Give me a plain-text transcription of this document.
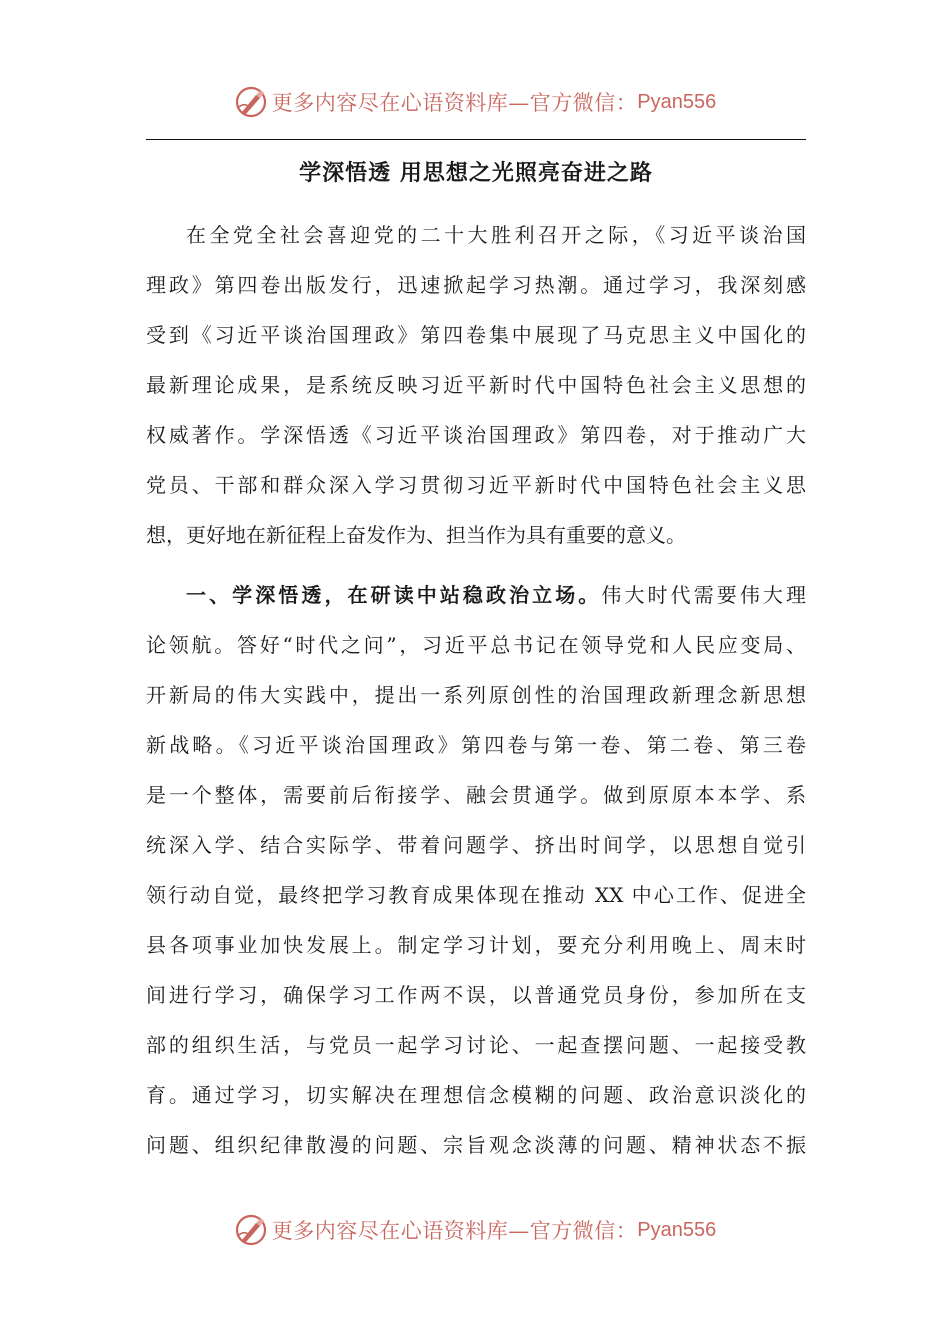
更多内容尽在心语资料库—官方微信： Pyan556
学深悟透 用思想之光照亮奋进之路
在全党全社会喜迎党的二十大胜利召开之际，《习近平谈治国
理政》第四卷出版发行，迅速掀起学习热潮。通过学习，我深刻感
受到《习近平谈治国理政》第四卷集中展现了马克思主义中国化的
最新理论成果，是系统反映习近平新时代中国特色社会主义思想的
权威著作。学深悟透《习近平谈治国理政》第四卷，对于推动广大
党员、干部和群众深入学习贯彻习近平新时代中国特色社会主义思
想，更好地在新征程上奋发作为、担当作为具有重要的意义。
一、学深悟透，在研读中站稳政治立场。伟大时代需要伟大理
论领航。答好“时代之问”，习近平总书记在领导党和人民应变局、
开新局的伟大实践中，提出一系列原创性的治国理政新理念新思想
新战略。《习近平谈治国理政》第四卷与第一卷、第二卷、第三卷
是一个整体，需要前后衔接学、融会贯通学。做到原原本本学、系
统深入学、结合实际学、带着问题学、挤出时间学，以思想自觉引
领行动自觉，最终把学习教育成果体现在推动 XX 中心工作、促进全
县各项事业加快发展上。制定学习计划，要充分利用晚上、周末时
间进行学习，确保学习工作两不误，以普通党员身份，参加所在支
部的组织生活，与党员一起学习讨论、一起查摆问题、一起接受教
育。通过学习，切实解决在理想信念模糊的问题、政治意识淡化的
问题、组织纪律散漫的问题、宗旨观念淡薄的问题、精神状态不振
更多内容尽在心语资料库—官方微信： Pyan556
